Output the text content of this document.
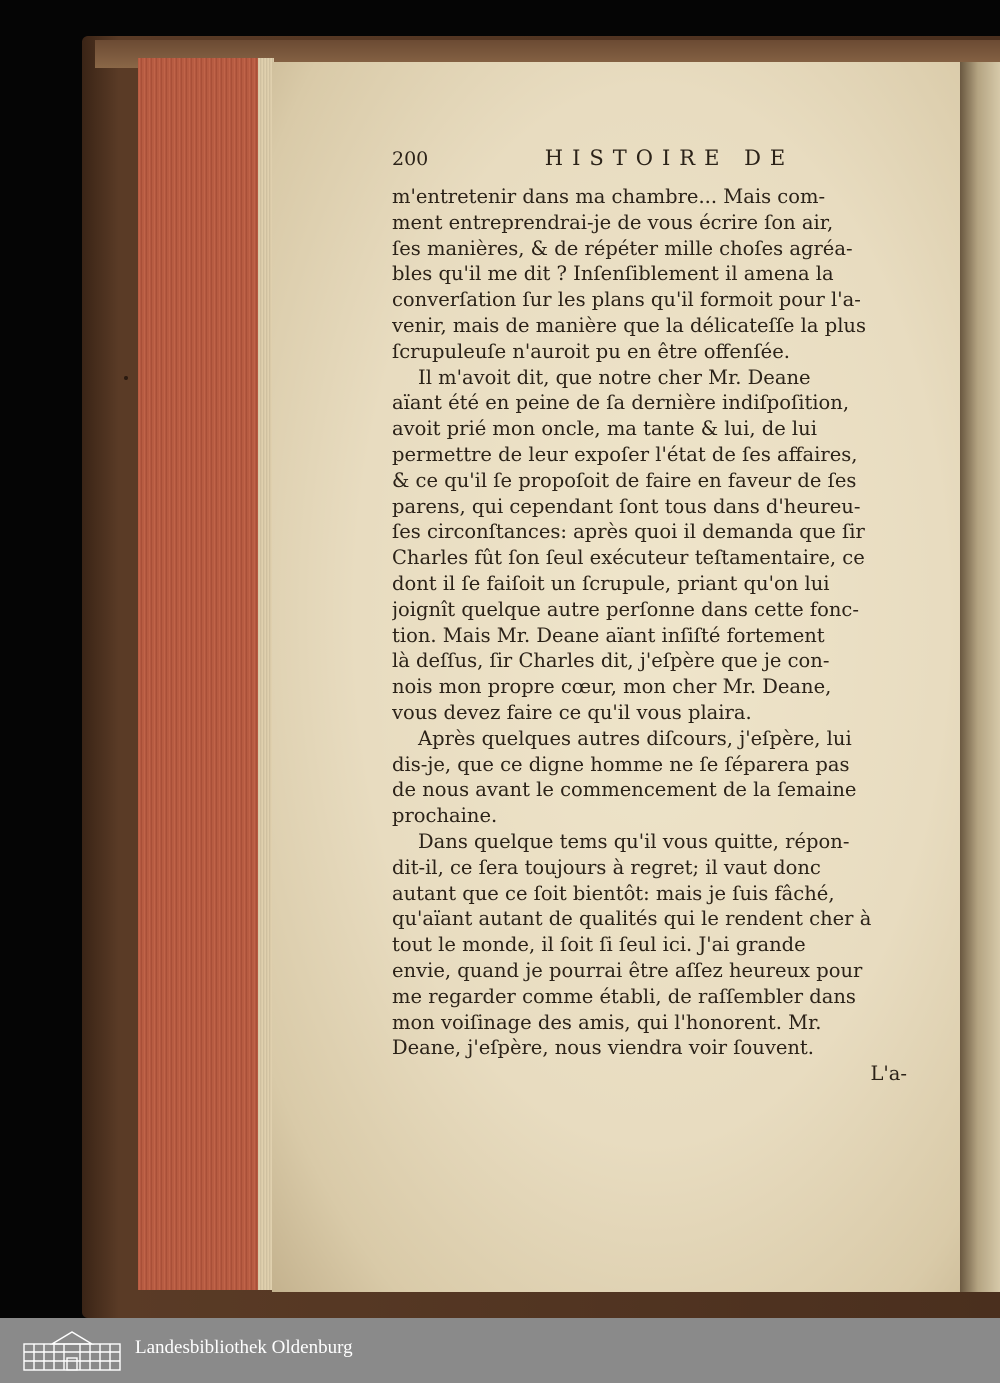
200	HISTOIRE DE
m'entretenir dans ma chambre... Mais com-
ment entreprendrai-je de vous écrire ſon air,
ſes manières, & de répéter mille choſes agréa-
bles qu'il me dit ? Inſenſiblement il amena la
converſation ſur les plans qu'il formoit pour l'a-
venir, mais de manière que la délicateſſe la plus
ſcrupuleuſe n'auroit pu en être offenſée.
Il m'avoit dit, que notre cher Mr. Deane
aïant été en peine de ſa dernière indiſpoſition,
avoit prié mon oncle, ma tante & lui, de lui
permettre de leur expoſer l'état de ſes affaires,
& ce qu'il ſe propoſoit de faire en faveur de ſes
parens, qui cependant ſont tous dans d'heureu-
ſes circonſtances: après quoi il demanda que ſir
Charles fût ſon ſeul exécuteur teſtamentaire, ce
dont il ſe faiſoit un ſcrupule, priant qu'on lui
joignît quelque autre perſonne dans cette fonc-
tion. Mais Mr. Deane aïant inſiſté fortement
là deſſus, ſir Charles dit, j'eſpère que je con-
nois mon propre cœur, mon cher Mr. Deane,
vous devez faire ce qu'il vous plaira.
Après quelques autres diſcours, j'eſpère, lui
dis-je, que ce digne homme ne ſe ſéparera pas
de nous avant le commencement de la ſemaine
prochaine.
Dans quelque tems qu'il vous quitte, répon-
dit-il, ce ſera toujours à regret; il vaut donc
autant que ce ſoit bientôt: mais je ſuis fâché,
qu'aïant autant de qualités qui le rendent cher à
tout le monde, il ſoit ſi ſeul ici. J'ai grande
envie, quand je pourrai être aſſez heureux pour
me regarder comme établi, de raſſembler dans
mon voiſinage des amis, qui l'honorent. Mr.
Deane, j'eſpère, nous viendra voir ſouvent.
L'a-
Landesbibliothek Oldenburg
